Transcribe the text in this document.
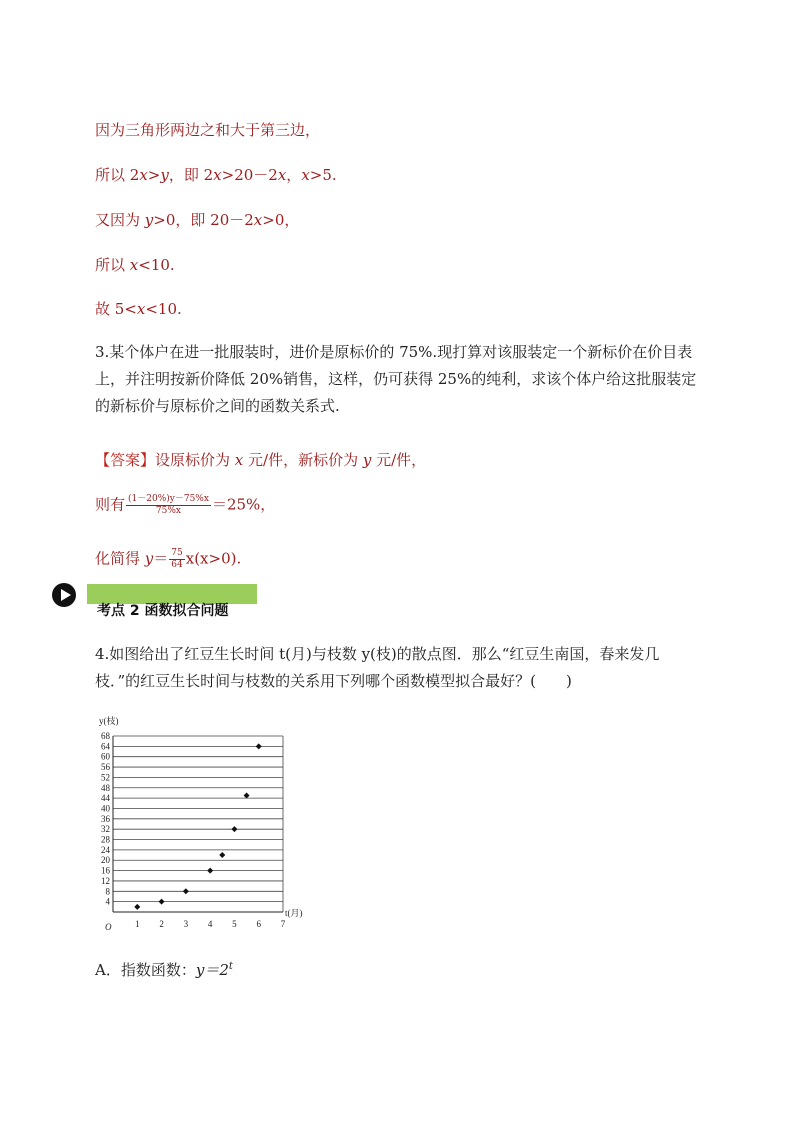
因为三角形两边之和大于第三边，
所以 2x>y，即 2x>20－2x，x>5.
又因为 y>0，即 20－2x>0，
所以 x<10.
故 5<x<10.
3.某个体户在进一批服装时，进价是原标价的 75%.现打算对该服装定一个新标价在价目表上，并注明按新价降低 20%销售，这样，仍可获得 25%的纯利，求该个体户给这批服装定的新标价与原标价之间的函数关系式.
【答案】设原标价为 x 元/件，新标价为 y 元/件，
则有 $\frac{(1-20\%)y-75\%x}{75\%x} =25\%$，
化简得 $y= \frac{75}{64} x(x>0)$.
考点 2 函数拟合问题
4.如图给出了红豆生长时间 t(月)与枝数 y(枝)的散点图．那么“红豆生南国，春来发几枝．”的红豆生长时间与枝数的关系用下列哪个函数模型拟合最好？(　　)
4
8
12
16
20
24
28
32
36
40
44
48
52
56
60
64
68
1 2 3 4 5 6 7
y(枝)
t(月)
O
A．指数函数：$y=2^t$
